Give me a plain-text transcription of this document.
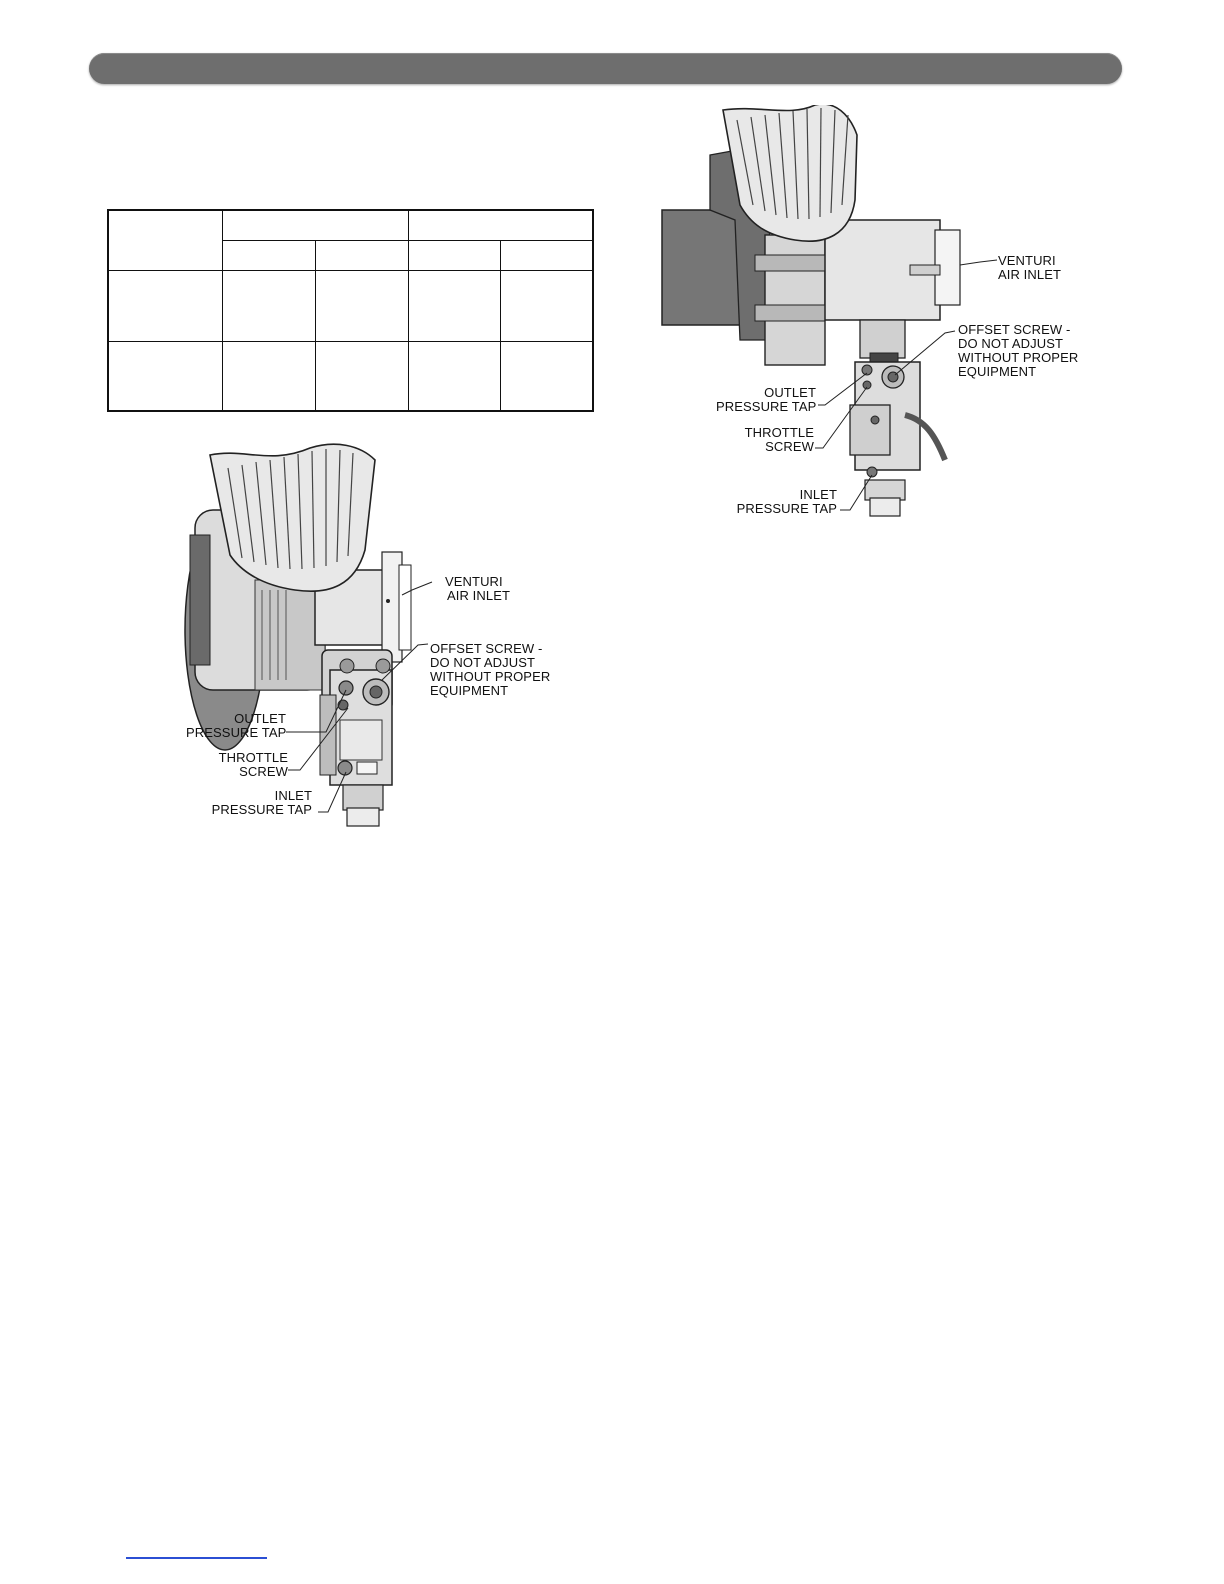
VENTURI
AIR INLET
OFFSET SCREW -
DO NOT ADJUST
WITHOUT PROPER
EQUIPMENT
OUTLET
PRESSURE TAP
THROTTLE
SCREW
INLET
PRESSURE TAP
VENTURI
AIR INLET
OFFSET SCREW -
DO NOT ADJUST
WITHOUT PROPER
EQUIPMENT
OUTLET
PRESSURE TAP
THROTTLE
SCREW
INLET
PRESSURE TAP
